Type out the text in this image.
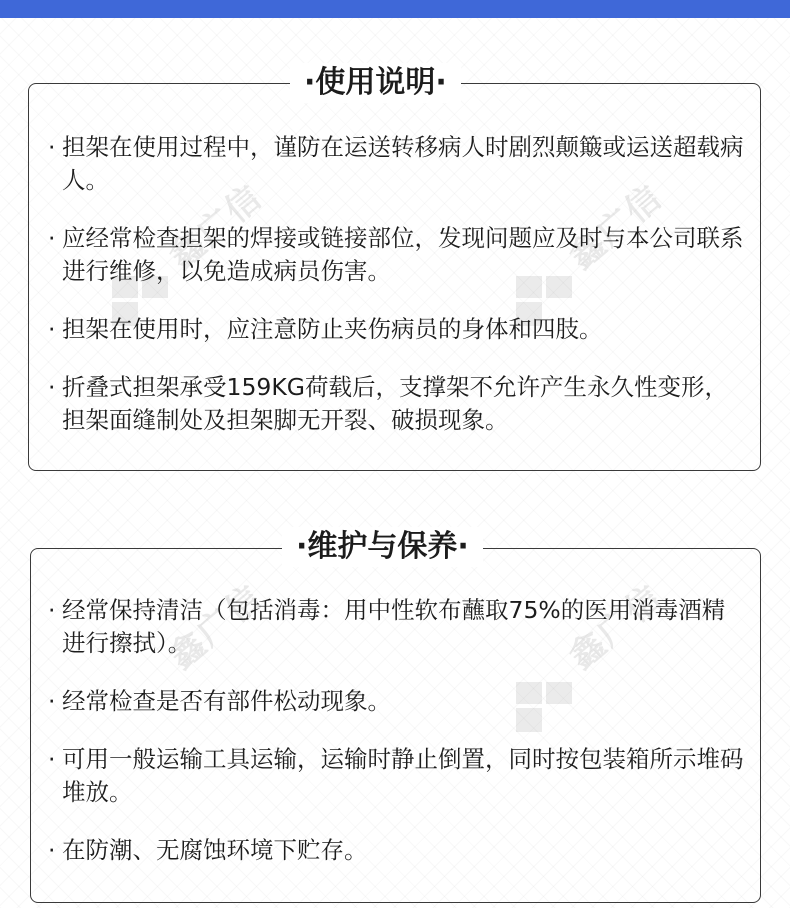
鑫广信	鑫广信
鑫广信	鑫广信
·使用说明·
· 担架在使用过程中，谨防在运送转移病人时剧烈颠簸或运送超载病人。
· 应经常检查担架的焊接或链接部位，发现问题应及时与本公司联系进行维修，以免造成病员伤害。
· 担架在使用时，应注意防止夹伤病员的身体和四肢。
· 折叠式担架承受159KG荷载后，支撑架不允许产生永久性变形，担架面缝制处及担架脚无开裂、破损现象。
·维护与保养·
· 经常保持清洁（包括消毒：用中性软布蘸取75%的医用消毒酒精进行擦拭）。
· 经常检查是否有部件松动现象。
· 可用一般运输工具运输，运输时静止倒置，同时按包装箱所示堆码堆放。
· 在防潮、无腐蚀环境下贮存。
